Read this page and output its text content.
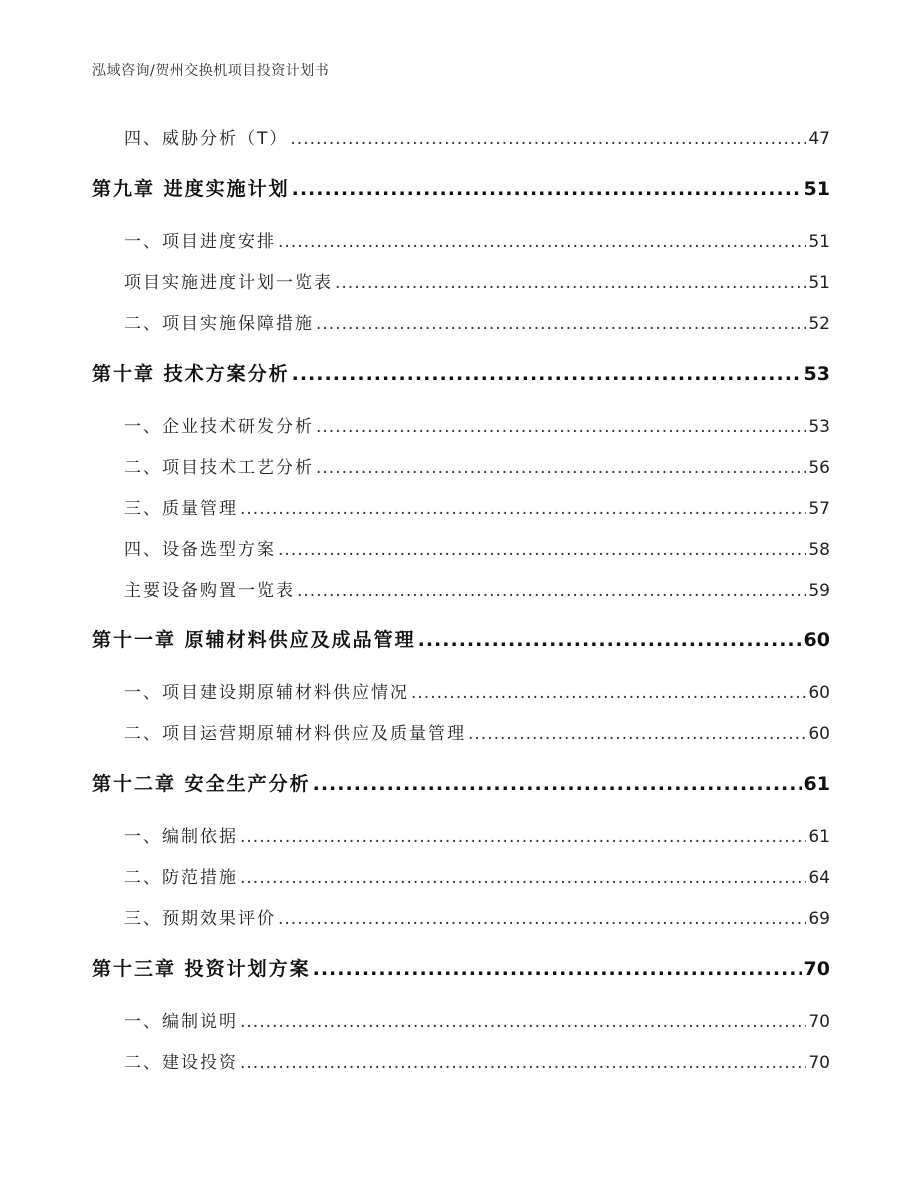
泓域咨询/贺州交换机项目投资计划书
四、 威胁分析（T） .....	47
第九章 进度实施计划 .....	51
一、 项目进度安排 .....	51
项目实施进度计划一览表 .....	51
二、 项目实施保障措施 .....	52
第十章 技术方案分析 .....	53
一、 企业技术研发分析 .....	53
二、 项目技术工艺分析 .....	56
三、 质量管理 .....	57
四、 设备选型方案 .....	58
主要设备购置一览表 .....	59
第十一章 原辅材料供应及成品管理 .....	60
一、 项目建设期原辅材料供应情况 .....	60
二、 项目运营期原辅材料供应及质量管理 .....	60
第十二章 安全生产分析 .....	61
一、 编制依据 .....	61
二、 防范措施 .....	64
三、 预期效果评价 .....	69
第十三章 投资计划方案 .....	70
一、 编制说明 .....	70
二、 建设投资 .....	70
